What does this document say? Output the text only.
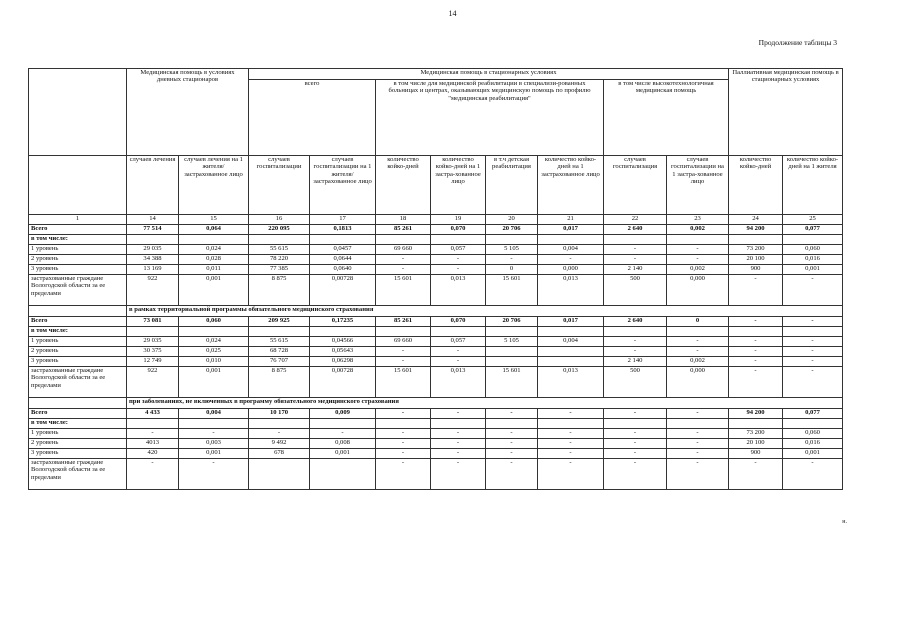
14
Продолжение таблицы 3
	Медицинская помощь в условиях дневных стационаров		Медицинская помощь в стационарных условиях								Паллиативная медицинская помощь в стационарных условиях	
			всего		в том числе для медицинской реабилитации в специализи-рованных больницах и центрах, оказывающих медицинскую помощь по профилю "медицинская реабилитация"				в том числе высокотехнологичная медицинская помощь			
	случаев лечения	случаев лечения на 1 жителя/ застрахованное лицо	случаев госпитализации	случаев госпитализации на 1 жителя/ застрахованное лицо	количество койко-дней	количество койко-дней на 1 застра-хованное лицо	в т.ч детская реабилитация	количество койко-дней на 1 застрахованное лицо	случаев госпитализация	случаев госпитализации на 1 застра-хованное лицо	количество койко-дней	количество койко-дней на 1 жителя
1	14	15	16	17	18	19	20	21	22	23	24	25
Всего	77 514	0,064	220 095	0,1813	85 261	0,070	20 706	0,017	2 640	0,002	94 200	0,077
в том числе:												
1 уровень	29 035	0,024	55 615	0,0457	69 660	0,057	5 105	0,004	-	-	73 200	0,060
2 уровень	34 388	0,028	78 220	0,0644	-	-	-	-	-	-	20 100	0,016
3 уровень	13 169	0,011	77 385	0,0640	-	-	0	0,000	2 140	0,002	900	0,001
застрахованные граждане Вологодской области за ее пределами	922	0,001	8 875	0,00728	15 601	0,013	15 601	0,013	500	0,000	-	-
	в рамках территориальной программы обязательного медицинского страхования											
Всего	73 081	0,060	209 925	0,17235	85 261	0,070	20 706	0,017	2 640	0	-	-
в том числе:												
1 уровень	29 035	0,024	55 615	0,04566	69 660	0,057	5 105	0,004	-	-	-	-
2 уровень	30 375	0,025	68 728	0,05643	-	-			-	-	-	-
3 уровень	12 749	0,010	76 707	0,06298	-	-			2 140	0,002	-	-
застрахованные граждане Вологодской области за ее пределами	922	0,001	8 875	0,00728	15 601	0,013	15 601	0,013	500	0,000	-	-
	при заболеваниях, не включенных в программу обязательного медицинского страхования											
Всего	4 433	0,004	10 170	0,009	-	-	-	-	-	-	94 200	0,077
в том числе:												
1 уровень	-	-	-	-	-	-	-	-	-	-	73 200	0,060
2 уровень	4013	0,003	9 492	0,008	-	-	-	-	-	-	20 100	0,016
3 уровень	420	0,001	678	0,001	-	-	-	-	-	-	900	0,001
застрахованные граждане Вологодской области за ее пределами	-	-			-	-	-	-	-	-	-	-
н.
